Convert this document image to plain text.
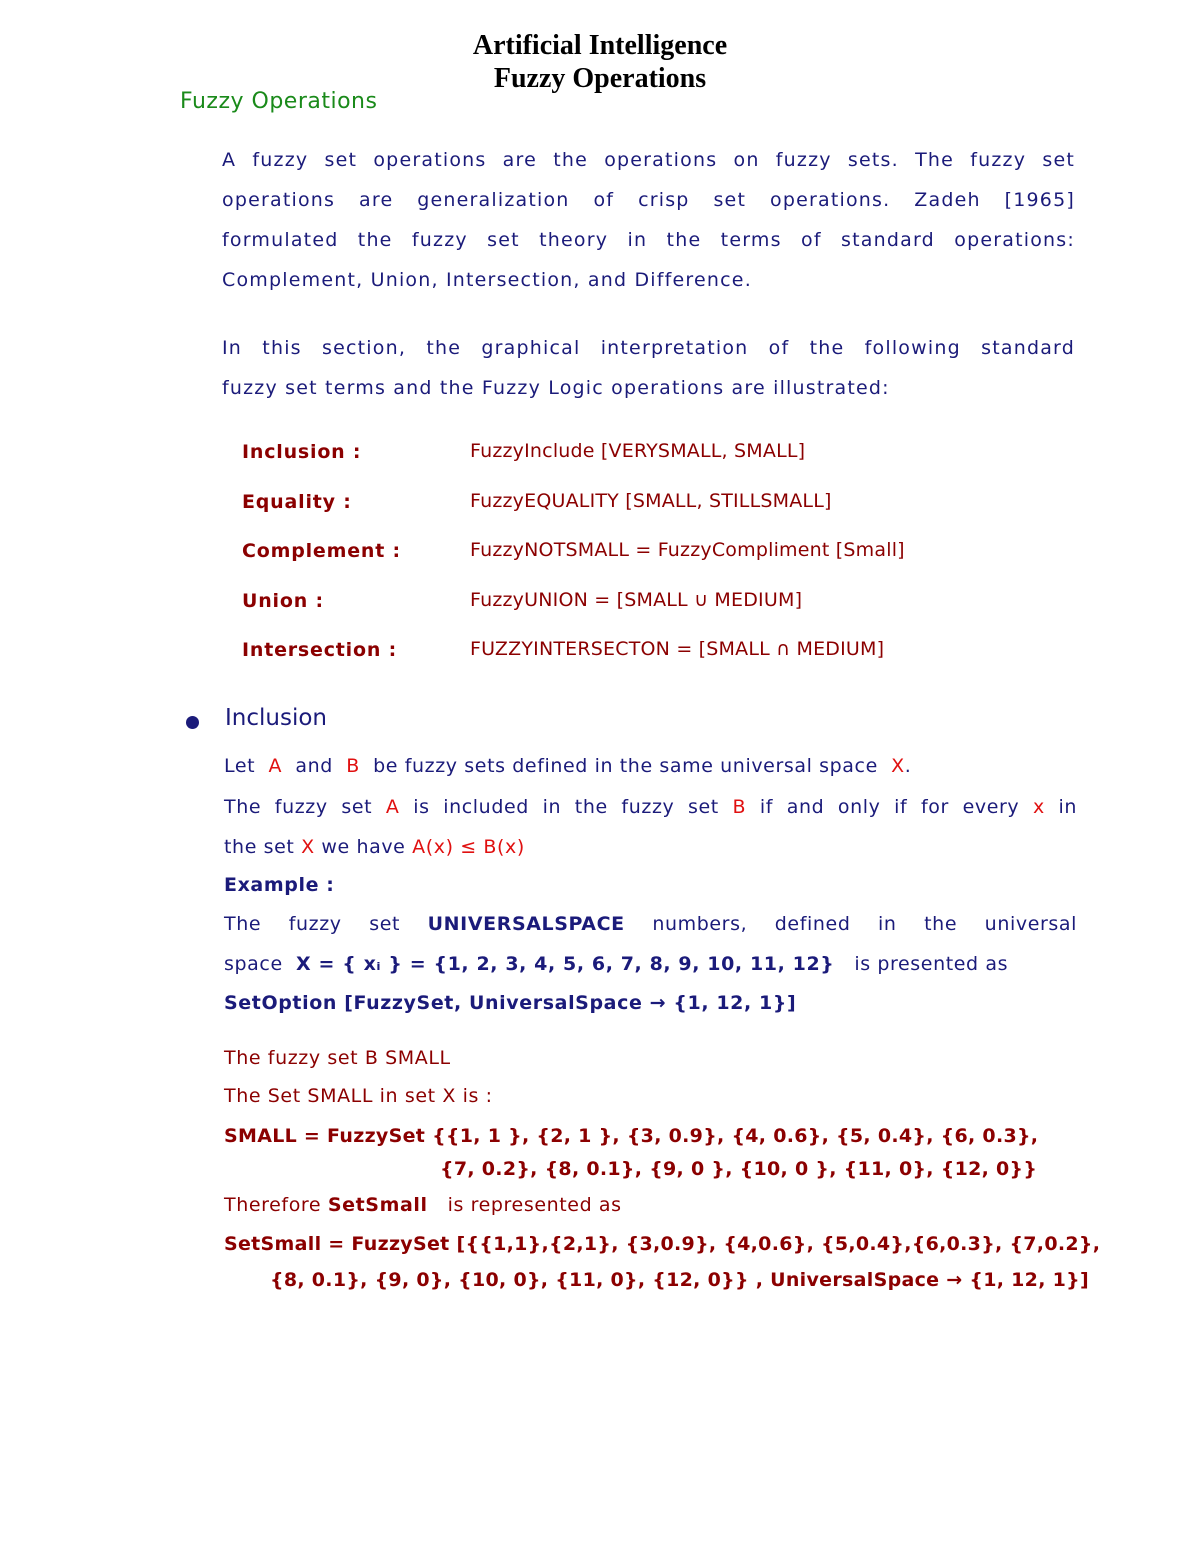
Artificial Intelligence
Fuzzy Operations
Fuzzy Operations
A fuzzy set operations are the operations on fuzzy sets. The fuzzy set
operations are generalization of crisp set operations. Zadeh [1965]
formulated the fuzzy set theory in the terms of standard operations:
Complement, Union, Intersection, and Difference.
In this section, the graphical interpretation of the following standard
fuzzy set terms and the Fuzzy Logic operations are illustrated:
Inclusion :	FuzzyInclude [VERYSMALL, SMALL]
Equality :	FuzzyEQUALITY [SMALL, STILLSMALL]
Complement :	FuzzyNOTSMALL = FuzzyCompliment [Small]
Union :	FuzzyUNION = [SMALL ∪ MEDIUM]
Intersection :	FUZZYINTERSECTON = [SMALL ∩ MEDIUM]
Inclusion
Let A and B be fuzzy sets defined in the same universal space X.
The fuzzy set A is included in the fuzzy set B if and only if for every x in
the set X we have A(x) ≤ B(x)
Example :
The fuzzy set UNIVERSALSPACE numbers, defined in the universal
space X = { xᵢ } = {1, 2, 3, 4, 5, 6, 7, 8, 9, 10, 11, 12} is presented as
SetOption [FuzzySet, UniversalSpace → {1, 12, 1}]
The fuzzy set B SMALL
The Set SMALL in set X is :
SMALL = FuzzySet {{1, 1 }, {2, 1 }, {3, 0.9}, {4, 0.6}, {5, 0.4}, {6, 0.3},
{7, 0.2}, {8, 0.1}, {9, 0 }, {10, 0 }, {11, 0}, {12, 0}}
Therefore SetSmall is represented as
SetSmall = FuzzySet [{{1,1},{2,1}, {3,0.9}, {4,0.6}, {5,0.4},{6,0.3}, {7,0.2},
{8, 0.1}, {9, 0}, {10, 0}, {11, 0}, {12, 0}} , UniversalSpace → {1, 12, 1}]
